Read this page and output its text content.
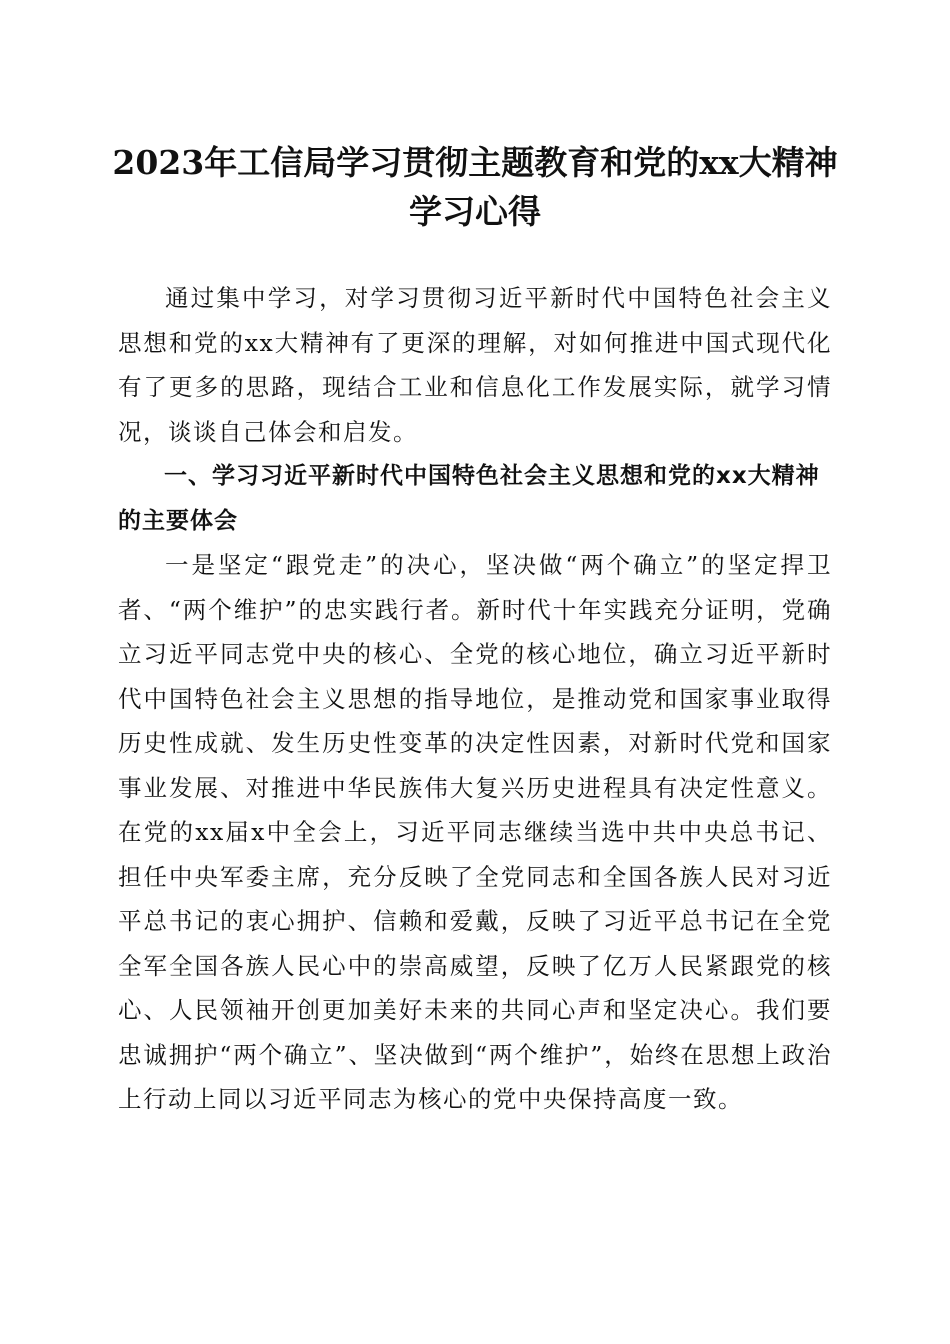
2023年工信局学习贯彻主题教育和党的xx大精神学习心得

通过集中学习，对学习贯彻习近平新时代中国特色社会主义思想和党的xx大精神有了更深的理解，对如何推进中国式现代化有了更多的思路，现结合工业和信息化工作发展实际，就学习情况，谈谈自己体会和启发。

一、学习习近平新时代中国特色社会主义思想和党的xx大精神的主要体会

一是坚定“跟党走”的决心，坚决做“两个确立”的坚定捍卫者、“两个维护”的忠实践行者。新时代十年实践充分证明，党确立习近平同志党中央的核心、全党的核心地位，确立习近平新时代中国特色社会主义思想的指导地位，是推动党和国家事业取得历史性成就、发生历史性变革的决定性因素，对新时代党和国家事业发展、对推进中华民族伟大复兴历史进程具有决定性意义。在党的xx届x中全会上，习近平同志继续当选中共中央总书记、担任中央军委主席，充分反映了全党同志和全国各族人民对习近平总书记的衷心拥护、信赖和爱戴，反映了习近平总书记在全党全军全国各族人民心中的崇高威望，反映了亿万人民紧跟党的核心、人民领袖开创更加美好未来的共同心声和坚定决心。我们要忠诚拥护“两个确立”、坚决做到“两个维护”，始终在思想上政治上行动上同以习近平同志为核心的党中央保持高度一致。
